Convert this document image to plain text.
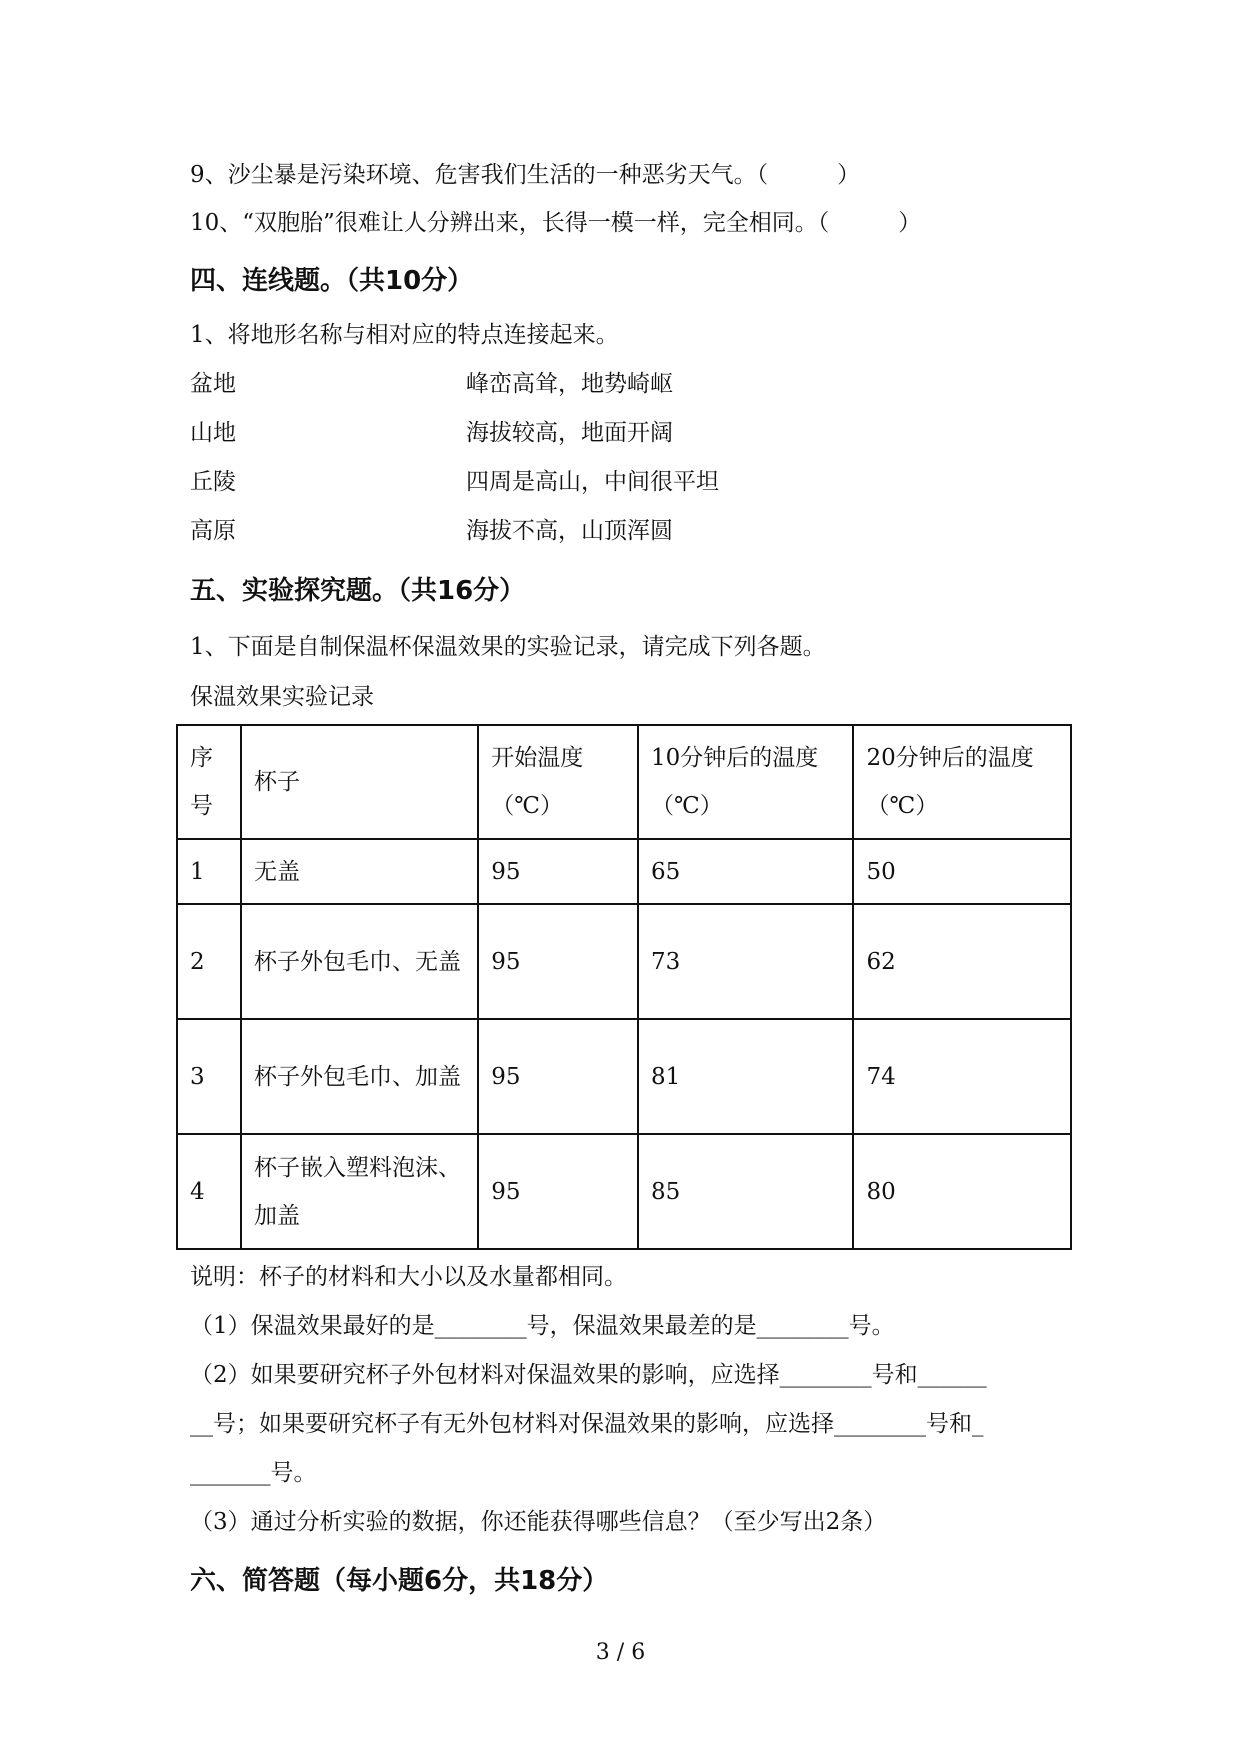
9、沙尘暴是污染环境、危害我们生活的一种恶劣天气。（　　　）
10、“双胞胎”很难让人分辨出来，长得一模一样，完全相同。（　　　）
四、连线题。（共10分）
1、将地形名称与相对应的特点连接起来。
盆地	峰峦高耸，地势崎岖
山地	海拔较高，地面开阔
丘陵	四周是高山，中间很平坦
高原	海拔不高，山顶浑圆
五、实验探究题。（共16分）
1、下面是自制保温杯保温效果的实验记录，请完成下列各题。
保温效果实验记录
序号	杯子	开始温度（℃）	10分钟后的温度（℃）	20分钟后的温度（℃）
1	无盖	95	65	50
2	杯子外包毛巾、无盖	95	73	62
3	杯子外包毛巾、加盖	95	81	74
4	杯子嵌入塑料泡沫、加盖	95	85	80
说明：杯子的材料和大小以及水量都相同。
（1）保温效果最好的是________号，保温效果最差的是________号。
（2）如果要研究杯子外包材料对保温效果的影响，应选择________号和______
__号；如果要研究杯子有无外包材料对保温效果的影响，应选择________号和_
_______号。
（3）通过分析实验的数据，你还能获得哪些信息？（至少写出2条）
六、简答题（每小题6分，共18分）
3 / 6
